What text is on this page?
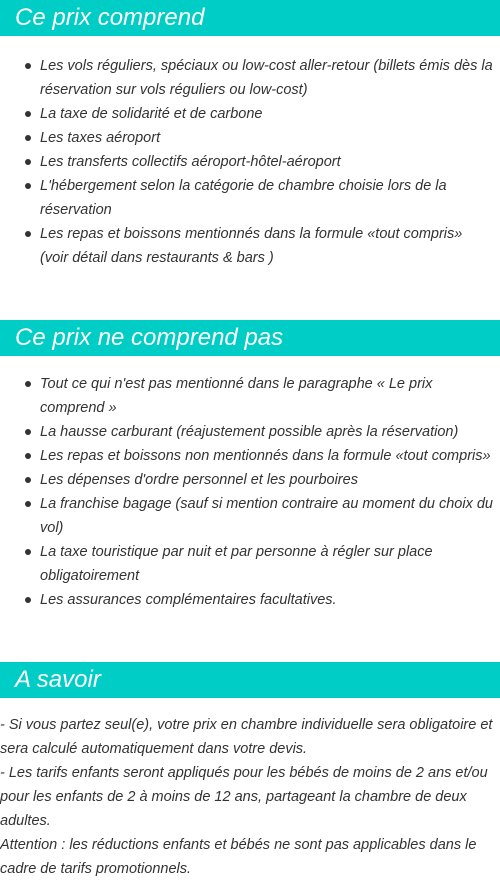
Ce prix comprend
Les vols réguliers, spéciaux ou low-cost aller-retour (billets émis dès la réservation sur vols réguliers ou low-cost)
La taxe de solidarité et de carbone
Les taxes aéroport
Les transferts collectifs aéroport-hôtel-aéroport
L'hébergement selon la catégorie de chambre choisie lors de la réservation
Les repas et boissons mentionnés dans la formule «tout compris» (voir détail dans restaurants & bars )
Ce prix ne comprend pas
Tout ce qui n'est pas mentionné dans le paragraphe « Le prix comprend »
La hausse carburant (réajustement possible après la réservation)
Les repas et boissons non mentionnés dans la formule «tout compris»
Les dépenses d'ordre personnel et les pourboires
La franchise bagage (sauf si mention contraire au moment du choix du vol)
La taxe touristique par nuit et par personne à régler sur place obligatoirement
Les assurances complémentaires facultatives.
A savoir

- Si vous partez seul(e), votre prix en chambre individuelle sera obligatoire et sera calculé automatiquement dans votre devis.

- Les tarifs enfants seront appliqués pour les bébés de moins de 2 ans et/ou pour les enfants de 2 à moins de 12 ans, partageant la chambre de deux adultes.

Attention : les réductions enfants et bébés ne sont pas applicables dans le cadre de tarifs promotionnels.
